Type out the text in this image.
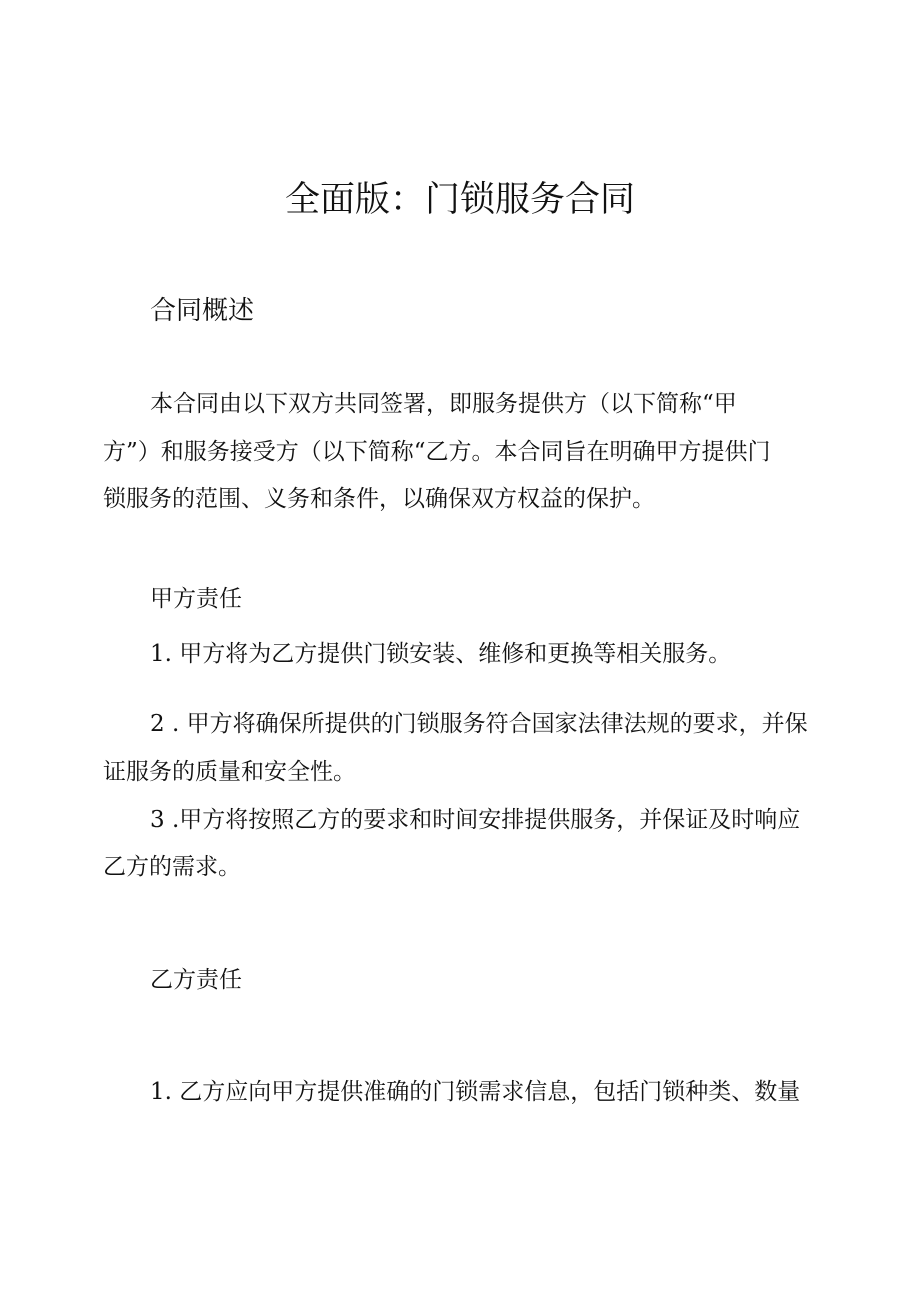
全面版：门锁服务合同
合同概述
本合同由以下双方共同签署，即服务提供方（以下简称“甲
方”）和服务接受方（以下简称“乙方。本合同旨在明确甲方提供门
锁服务的范围、义务和条件，以确保双方权益的保护。
甲方责任
1. 甲方将为乙方提供门锁安装、维修和更换等相关服务。
2 . 甲方将确保所提供的门锁服务符合国家法律法规的要求，并保
证服务的质量和安全性。
3 .甲方将按照乙方的要求和时间安排提供服务，并保证及时响应
乙方的需求。
乙方责任
1. 乙方应向甲方提供准确的门锁需求信息，包括门锁种类、数量
